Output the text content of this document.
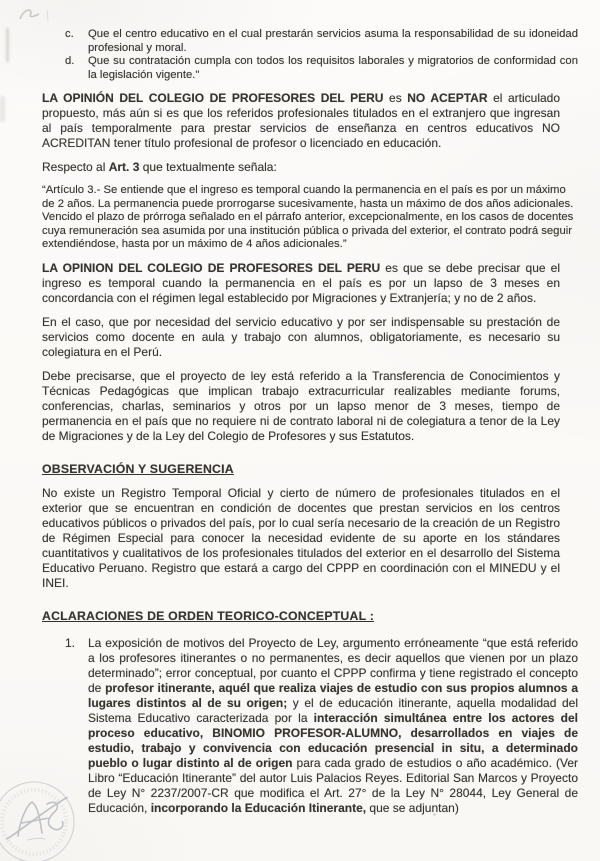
c.	Que el centro educativo en el cual prestarán servicios asuma la responsabilidad de su idoneidad profesional y moral.
d.	Que su contratación cumpla con todos los requisitos laborales y migratorios de conformidad con la legislación vigente."
LA OPINIÓN DEL COLEGIO DE PROFESORES DEL PERU es NO ACEPTAR el articulado propuesto, más aún si es que los referidos profesionales titulados en el extranjero que ingresan al país temporalmente para prestar servicios de enseñanza en centros educativos NO ACREDITAN tener título profesional de profesor o licenciado en educación.
Respecto al Art. 3 que textualmente señala:
“Artículo 3.- Se entiende que el ingreso es temporal cuando la permanencia en el país es por un máximo de 2 años. La permanencia puede prorrogarse sucesivamente, hasta un máximo de dos años adicionales. Vencido el plazo de prórroga señalado en el párrafo anterior, excepcionalmente, en los casos de docentes cuya remuneración sea asumida por una institución pública o privada del exterior, el contrato podrá seguir extendiéndose, hasta por un máximo de 4 años adicionales.”
LA OPINION DEL COLEGIO DE PROFESORES DEL PERU es que se debe precisar que el ingreso es temporal cuando la permanencia en el país es por un lapso de 3 meses en concordancia con el régimen legal establecido por Migraciones y Extranjería; y no de 2 años.
En el caso, que por necesidad del servicio educativo y por ser indispensable su prestación de servicios como docente en aula y trabajo con alumnos, obligatoriamente, es necesario su colegiatura en el Perú.
Debe precisarse, que el proyecto de ley está referido a la Transferencia de Conocimientos y Técnicas Pedagógicas que implican trabajo extracurricular realizables mediante forums, conferencias, charlas, seminarios y otros por un lapso menor de 3 meses, tiempo de permanencia en el país que no requiere ni de contrato laboral ni de colegiatura a tenor de la Ley de Migraciones y de la Ley del Colegio de Profesores y sus Estatutos.
OBSERVACIÓN Y SUGERENCIA
No existe un Registro Temporal Oficial y cierto de número de profesionales titulados en el exterior que se encuentran en condición de docentes que prestan servicios en los centros educativos públicos o privados del país, por lo cual sería necesario de la creación de un Registro de Régimen Especial para conocer la necesidad evidente de su aporte en los stándares cuantitativos y cualitativos de los profesionales titulados del exterior en el desarrollo del Sistema Educativo Peruano. Registro que estará a cargo del CPPP en coordinación con el MINEDU y el INEI.
ACLARACIONES DE ORDEN TEORICO-CONCEPTUAL :
1.	La exposición de motivos del Proyecto de Ley, argumento erróneamente “que está referido a los profesores itinerantes o no permanentes, es decir aquellos que vienen por un plazo determinado”; error conceptual, por cuanto el CPPP confirma y tiene registrado el concepto de profesor itinerante, aquél que realiza viajes de estudio con sus propios alumnos a lugares distintos al de su origen; y el de educación itinerante, aquella modalidad del Sistema Educativo caracterizada por la interacción simultánea entre los actores del proceso educativo, BINOMIO PROFESOR-ALUMNO, desarrollados en viajes de estudio, trabajo y convivencia con educación presencial in situ, a determinado pueblo o lugar distinto al de origen para cada grado de estudios o año académico. (Ver Libro “Educación Itinerante” del autor Luis Palacios Reyes. Editorial San Marcos y Proyecto de Ley N° 2237/2007-CR que modifica el Art. 27° de la Ley N° 28044, Ley General de Educación, incorporando la Educación Itinerante, que se adjuntan)
